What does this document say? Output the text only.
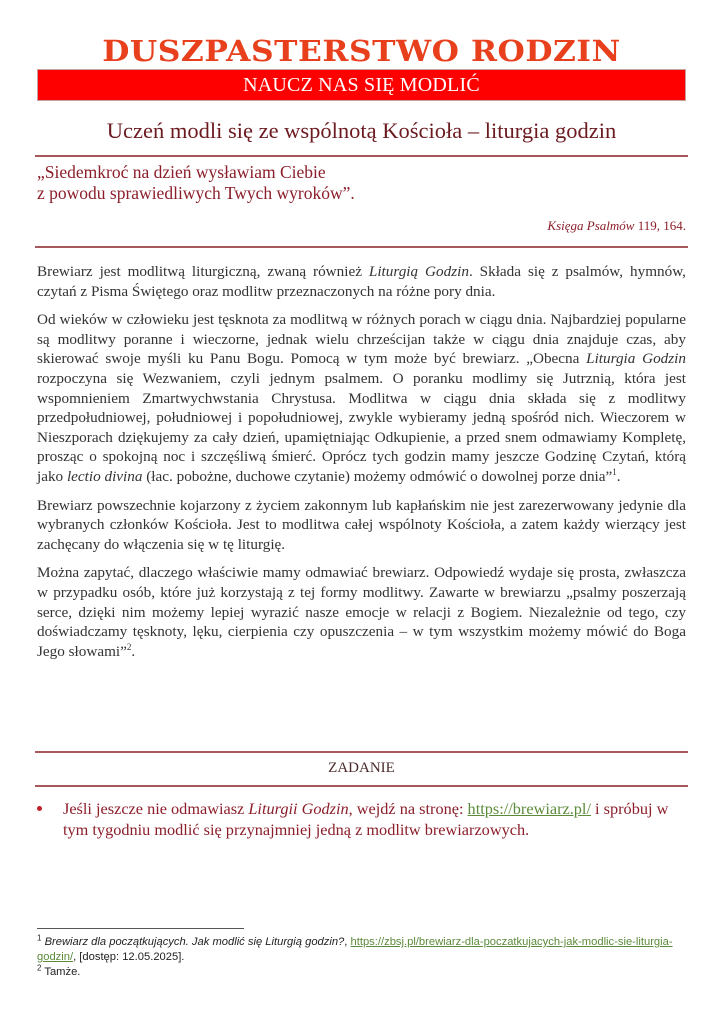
DUSZPASTERSTWO RODZIN
NAUCZ NAS SIĘ MODLIĆ
Uczeń modli się ze wspólnotą Kościoła – liturgia godzin
„Siedemkroć na dzień wysławiam Ciebie
z powodu sprawiedliwych Twych wyroków”.
Księga Psalmów 119, 164.

Brewiarz jest modlitwą liturgiczną, zwaną również Liturgią Godzin. Składa się z psalmów, hymnów, czytań z Pisma Świętego oraz modlitw przeznaczonych na różne pory dnia.

Od wieków w człowieku jest tęsknota za modlitwą w różnych porach w ciągu dnia. Najbardziej popularne są modlitwy poranne i wieczorne, jednak wielu chrześcijan także w ciągu dnia znajduje czas, aby skierować swoje myśli ku Panu Bogu. Pomocą w tym może być brewiarz. „Obecna Liturgia Godzin rozpoczyna się Wezwaniem, czyli jednym psalmem. O poranku modlimy się Jutrznią, która jest wspomnieniem Zmartwychwstania Chrystusa. Modlitwa w ciągu dnia składa się z modlitwy przedpołudniowej, południowej i popołudniowej, zwykle wybieramy jedną spośród nich. Wieczorem w Nieszporach dziękujemy za cały dzień, upamiętniając Odkupienie, a przed snem odmawiamy Kompletę, prosząc o spokojną noc i szczęśliwą śmierć. Oprócz tych godzin mamy jeszcze Godzinę Czytań, którą jako lectio divina (łac. pobożne, duchowe czytanie) możemy odmówić o dowolnej porze dnia”$^1$.

Brewiarz powszechnie kojarzony z życiem zakonnym lub kapłańskim nie jest zarezerwowany jedynie dla wybranych członków Kościoła. Jest to modlitwa całej wspólnoty Kościoła, a zatem każdy wierzący jest zachęcany do włączenia się w tę liturgię.

Można zapytać, dlaczego właściwie mamy odmawiać brewiarz. Odpowiedź wydaje się prosta, zwłaszcza w przypadku osób, które już korzystają z tej formy modlitwy. Zawarte w brewiarzu „psalmy poszerzają serce, dzięki nim możemy lepiej wyrazić nasze emocje w relacji z Bogiem. Niezależnie od tego, czy doświadczamy tęsknoty, lęku, cierpienia czy opuszczenia – w tym wszystkim możemy mówić do Boga Jego słowami”$^2$.

ZADANIE
Jeśli jeszcze nie odmawiasz Liturgii Godzin, wejdź na stronę: https://brewiarz.pl/ i spróbuj w tym tygodniu modlić się przynajmniej jedną z modlitw brewiarzowych.

$^1$ Brewiarz dla początkujących. Jak modlić się Liturgią godzin?, https://zbsj.pl/brewiarz-dla-poczatkujacych-jak-modlic-sie-liturgia-godzin/, [dostęp: 12.05.2025].

$^2$ Tamże.
